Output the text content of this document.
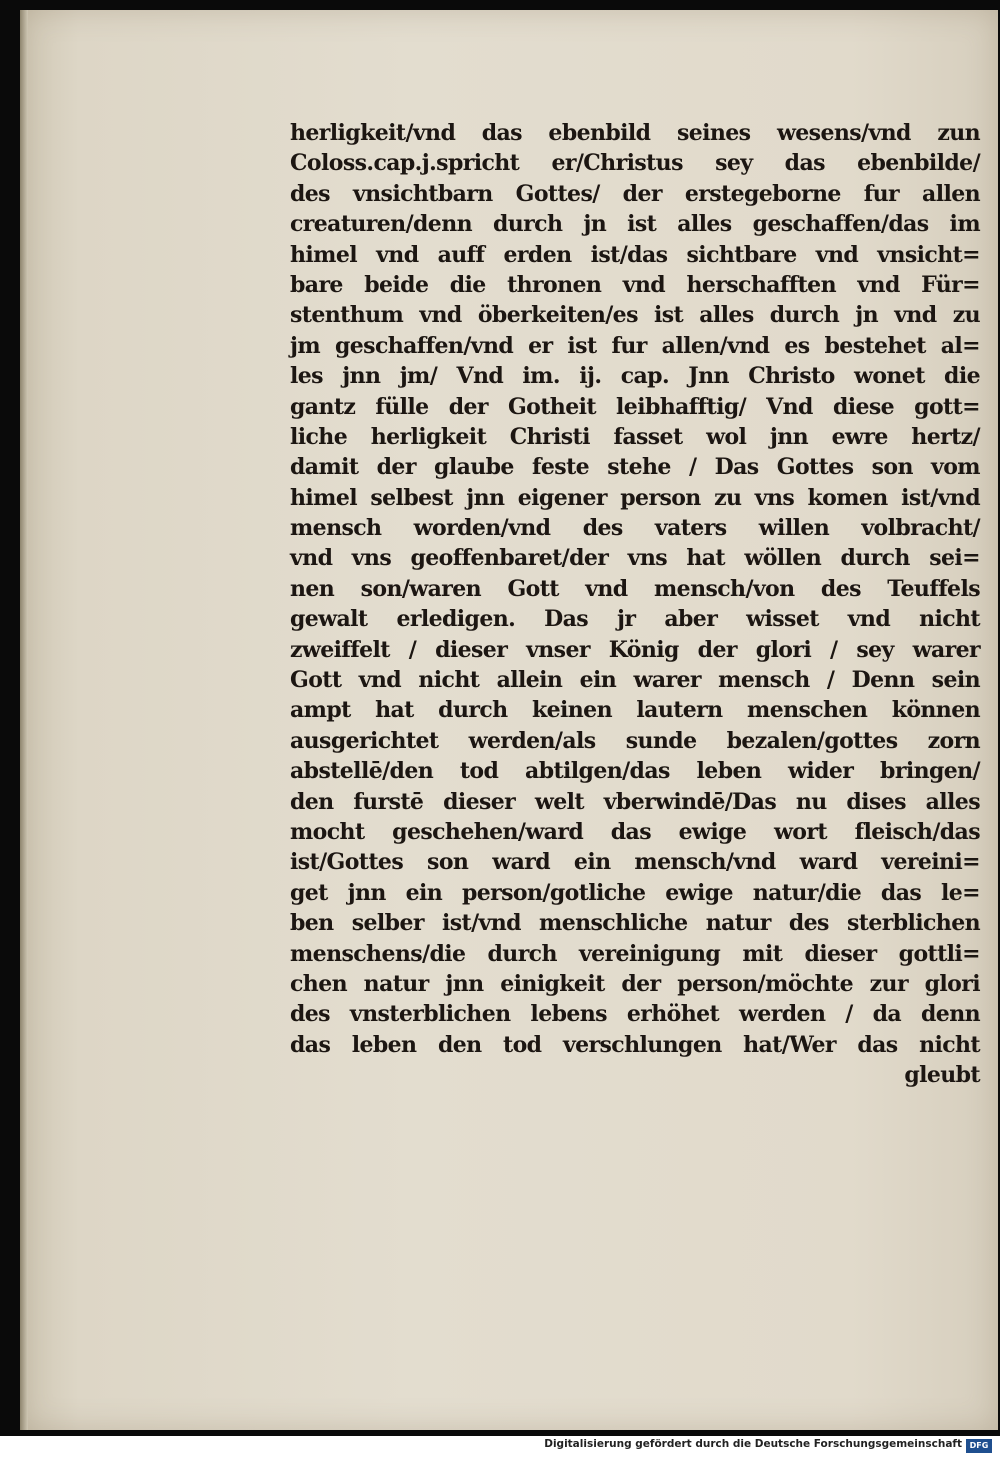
herligkeit/vnd das ebenbild seines wesens/vnd zun
Coloss.cap.j.spricht er/Christus sey das ebenbilde/
des vnsichtbarn Gottes/ der erstegeborne fur allen
creaturen/denn durch jn ist alles geschaffen/das im
himel vnd auff erden ist/das sichtbare vnd vnsicht=
bare beide die thronen vnd herschafften vnd Für=
stenthum vnd öberkeiten/es ist alles durch jn vnd zu
jm geschaffen/vnd er ist fur allen/vnd es bestehet al=
les jnn jm/ Vnd im. ij. cap. Jnn Christo wonet die
gantz fülle der Gotheit leibhafftig/ Vnd diese gott=
liche herligkeit Christi fasset wol jnn ewre hertz/
damit der glaube feste stehe / Das Gottes son vom
himel selbest jnn eigener person zu vns komen ist/vnd
mensch worden/vnd des vaters willen volbracht/
vnd vns geoffenbaret/der vns hat wöllen durch sei=
nen son/waren Gott vnd mensch/von des Teuffels
gewalt erledigen. Das jr aber wisset vnd nicht
zweiffelt / dieser vnser König der glori / sey warer
Gott vnd nicht allein ein warer mensch / Denn sein
ampt hat durch keinen lautern menschen können
ausgerichtet werden/als sunde bezalen/gottes zorn
abstellē/den tod abtilgen/das leben wider bringen/
den furstē dieser welt vberwindē/Das nu dises alles
mocht geschehen/ward das ewige wort fleisch/das
ist/Gottes son ward ein mensch/vnd ward vereini=
get jnn ein person/gotliche ewige natur/die das le=
ben selber ist/vnd menschliche natur des sterblichen
menschens/die durch vereinigung mit dieser gottli=
chen natur jnn einigkeit der person/möchte zur glori
des vnsterblichen lebens erhöhet werden / da denn
das leben den tod verschlungen hat/Wer das nicht
gleubt
Digitalisierung gefördert durch die Deutsche Forschungsgemeinschaft DFG
